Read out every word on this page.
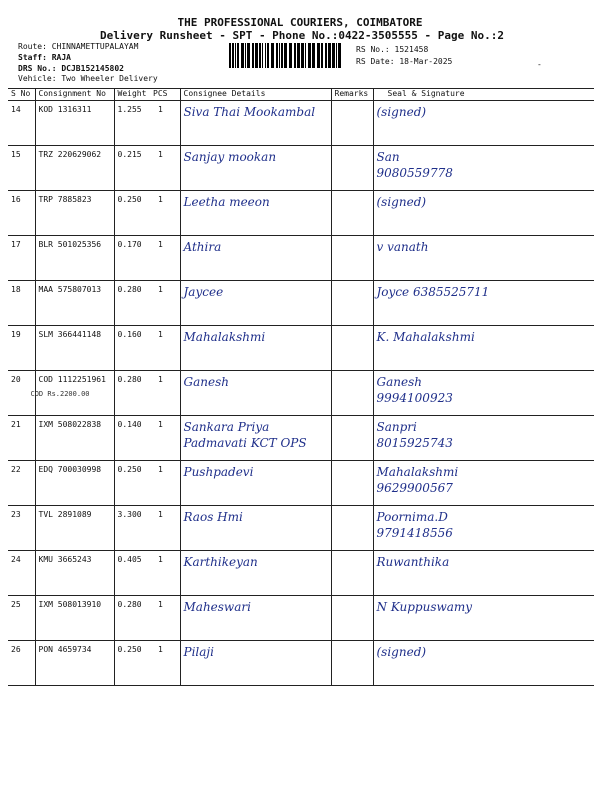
THE PROFESSIONAL COURIERS, COIMBATORE
Delivery Runsheet - SPT - Phone No.:0422-3505555 - Page No.:2
Route: CHINNAMETTUPALAYAM
Staff: RAJA
DRS No.: DCJB152145802
Vehicle: Two Wheeler Delivery
RS No.: 1521458
RS Date: 18-Mar-2025	-
S No	Consignment No	Weight	PCS	Consignee Details	Remarks	Seal & Signature
14	KOD 1316311	1.255	1	Siva Thai Mookambal		(signed)

15	TRZ 220629062	0.215	1	Sanjay mookan		San
9080559778

16	TRP 7885823	0.250	1	Leetha meeon		(signed)

17	BLR 501025356	0.170	1	Athira		v vanath

18	MAA 575807013	0.280	1	Jaycee		Joyce 6385525711

19	SLM 366441148	0.160	1	Mahalakshmi		K. Mahalakshmi

20	COD 1112251961
COD Rs.2200.00	0.280	1	Ganesh		Ganesh
9994100923

21	IXM 508022838	0.140	1	Sankara Priya
Padmavati KCT OPS		Sanpri
8015925743

22	EDQ 700030998	0.250	1	Pushpadevi		Mahalakshmi
9629900567

23	TVL 2891089	3.300	1	Raos Hmi		Poornima.D
9791418556

24	KMU 3665243	0.405	1	Karthikeyan		Ruwanthika

25	IXM 508013910	0.280	1	Maheswari		N Kuppuswamy

26	PON 4659734	0.250	1	Pilaji		(signed)
